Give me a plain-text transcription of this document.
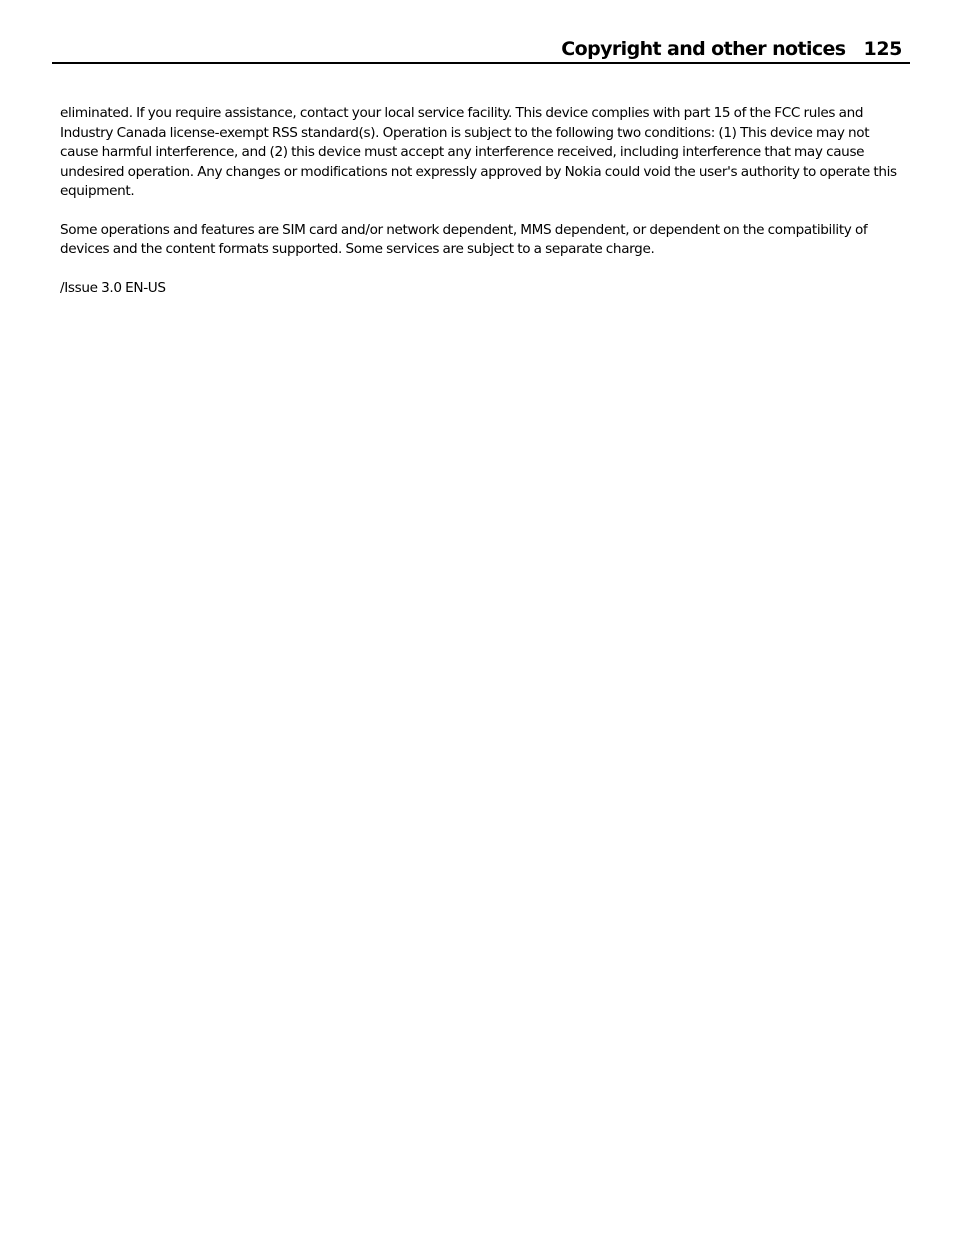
Copyright and other notices 125

eliminated. If you require assistance, contact your local service facility. This device complies with part 15 of the FCC rules and Industry Canada license-exempt RSS standard(s). Operation is subject to the following two conditions: (1) This device may not cause harmful interference, and (2) this device must accept any interference received, including interference that may cause undesired operation. Any changes or modifications not expressly approved by Nokia could void the user's authority to operate this equipment.

Some operations and features are SIM card and/or network dependent, MMS dependent, or dependent on the compatibility of devices and the content formats supported. Some services are subject to a separate charge.

/Issue 3.0 EN-US
